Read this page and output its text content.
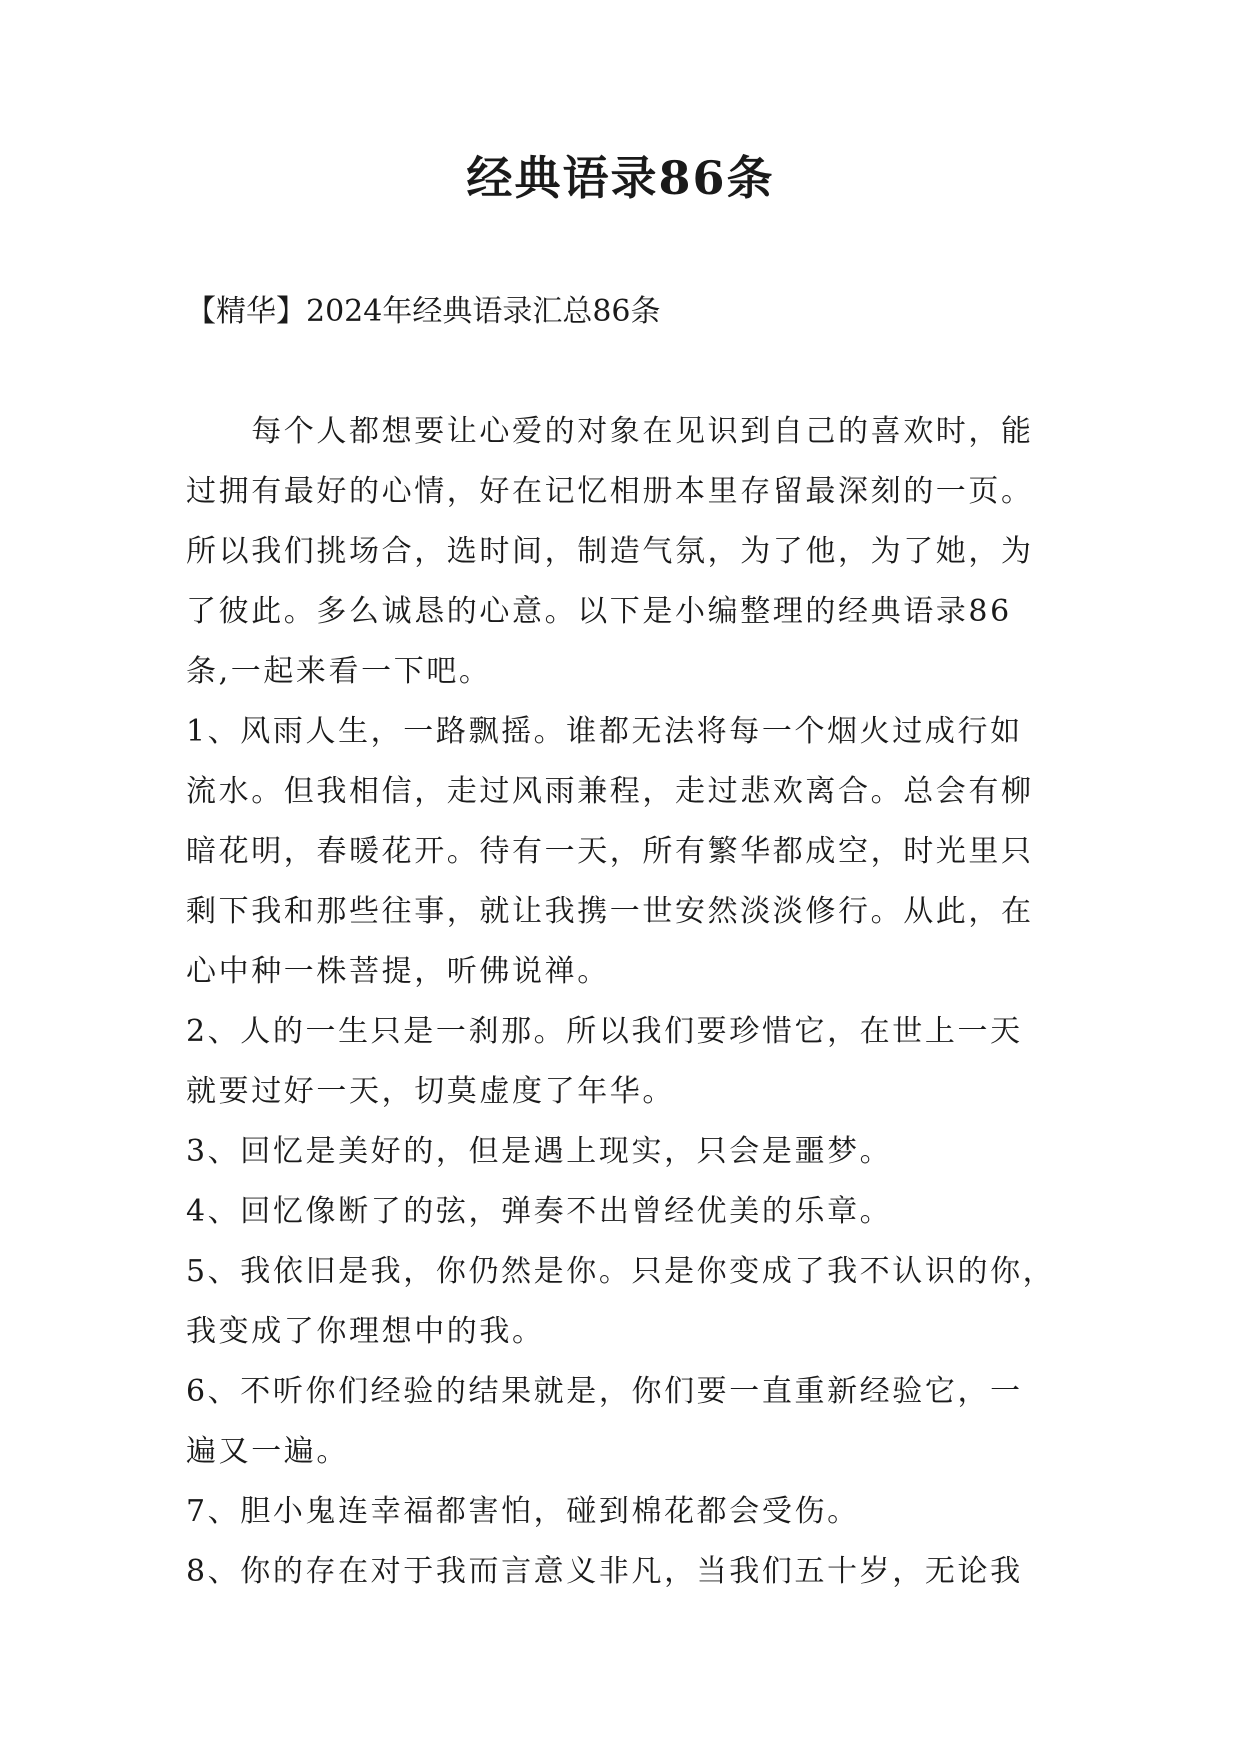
经典语录86条
【精华】2024年经典语录汇总86条
　　每个人都想要让心爱的对象在见识到自己的喜欢时，能
过拥有最好的心情，好在记忆相册本里存留最深刻的一页。
所以我们挑场合，选时间，制造气氛，为了他，为了她，为
了彼此。多么诚恳的心意。以下是小编整理的经典语录86
条,一起来看一下吧。
1、风雨人生，一路飘摇。谁都无法将每一个烟火过成行如
流水。但我相信，走过风雨兼程，走过悲欢离合。总会有柳
暗花明，春暖花开。待有一天，所有繁华都成空，时光里只
剩下我和那些往事，就让我携一世安然淡淡修行。从此，在
心中种一株菩提，听佛说禅。
2、人的一生只是一刹那。所以我们要珍惜它，在世上一天
就要过好一天，切莫虚度了年华。
3、回忆是美好的，但是遇上现实，只会是噩梦。
4、回忆像断了的弦，弹奏不出曾经优美的乐章。
5、我依旧是我，你仍然是你。只是你变成了我不认识的你，
我变成了你理想中的我。
6、不听你们经验的结果就是，你们要一直重新经验它，一
遍又一遍。
7、胆小鬼连幸福都害怕，碰到棉花都会受伤。
8、你的存在对于我而言意义非凡，当我们五十岁，无论我
